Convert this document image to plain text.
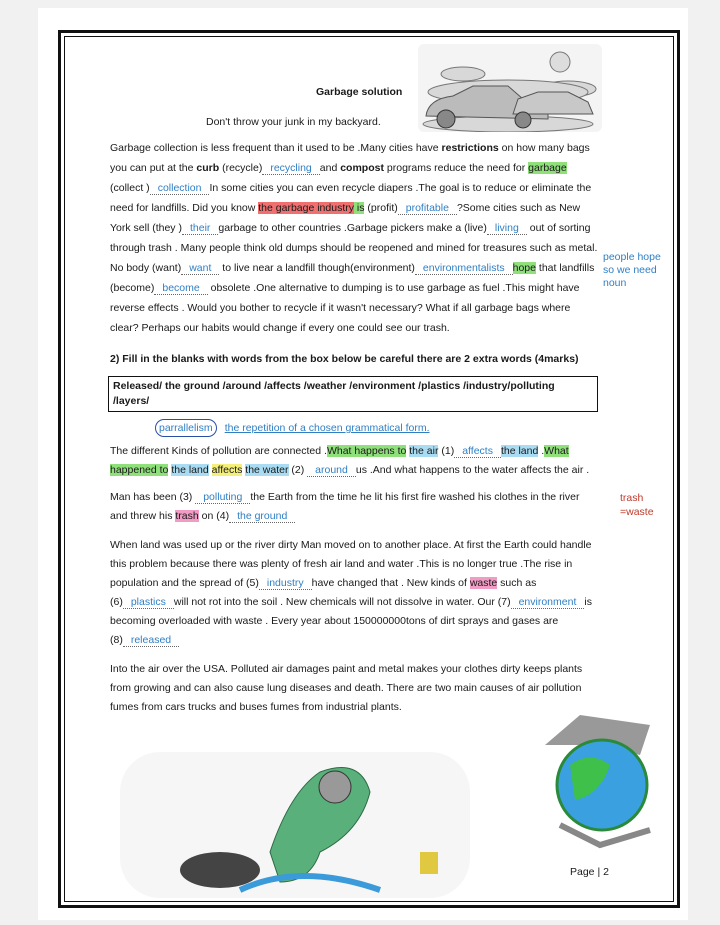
Garbage solution
Don't throw your junk in my backyard.
Garbage collection is less frequent than it used to be .Many cities have restrictions on how many bags you can put at the curb (recycle) recycling and compost programs reduce the need for garbage (collect ) collection In some cities you can even recycle diapers .The goal is to reduce or eliminate the need for landfills. Did you know the garbage industry is (profit) profitable ?Some cities such as New York sell (they ) their garbage to other countries .Garbage pickers make a (live) living out of sorting through trash . Many people think old dumps should be reopened and mined for treasures such as metal. No body (want) want to live near a landfill though(environment) environmentalists hope that landfills (become) become obsolete .One alternative to dumping is to use garbage as fuel .This might have reverse effects . Would you bother to recycle if it wasn't necessary? What if all garbage bags where clear? Perhaps our habits would change if every one could see our trash.
2) Fill in the blanks with words from the box below be careful there are 2 extra words (4marks)
Released/ the ground /around /affects /weather /environment /plastics /industry/polluting /layers/
parrallelism	the repetition of a chosen grammatical form.
The different Kinds of pollution are connected .What happens to the air (1) affects the land .What happened to the land affects the water (2) around us .And what happens to the water affects the air .
Man has been (3) polluting the Earth from the time he lit his first fire washed his clothes in the river and threw his trash on (4) the ground
When land was used up or the river dirty Man moved on to another place. At first the Earth could handle this problem because there was plenty of fresh air land and water .This is no longer true .The rise in population and the spread of (5) industry have changed that . New kinds of waste such as (6) plastics will not rot into the soil . New chemicals will not dissolve in water. Our (7) environment is becoming overloaded with waste . Every year about 150000000tons of dirt sprays and gases are (8) released
Into the air over the USA. Polluted air damages paint and metal makes your clothes dirty keeps plants from growing and can also cause lung diseases and death. There are two main causes of air pollution fumes from cars trucks and buses fumes from industrial plants.
people hope
so we need
noun
trash
=waste
Page | 2
